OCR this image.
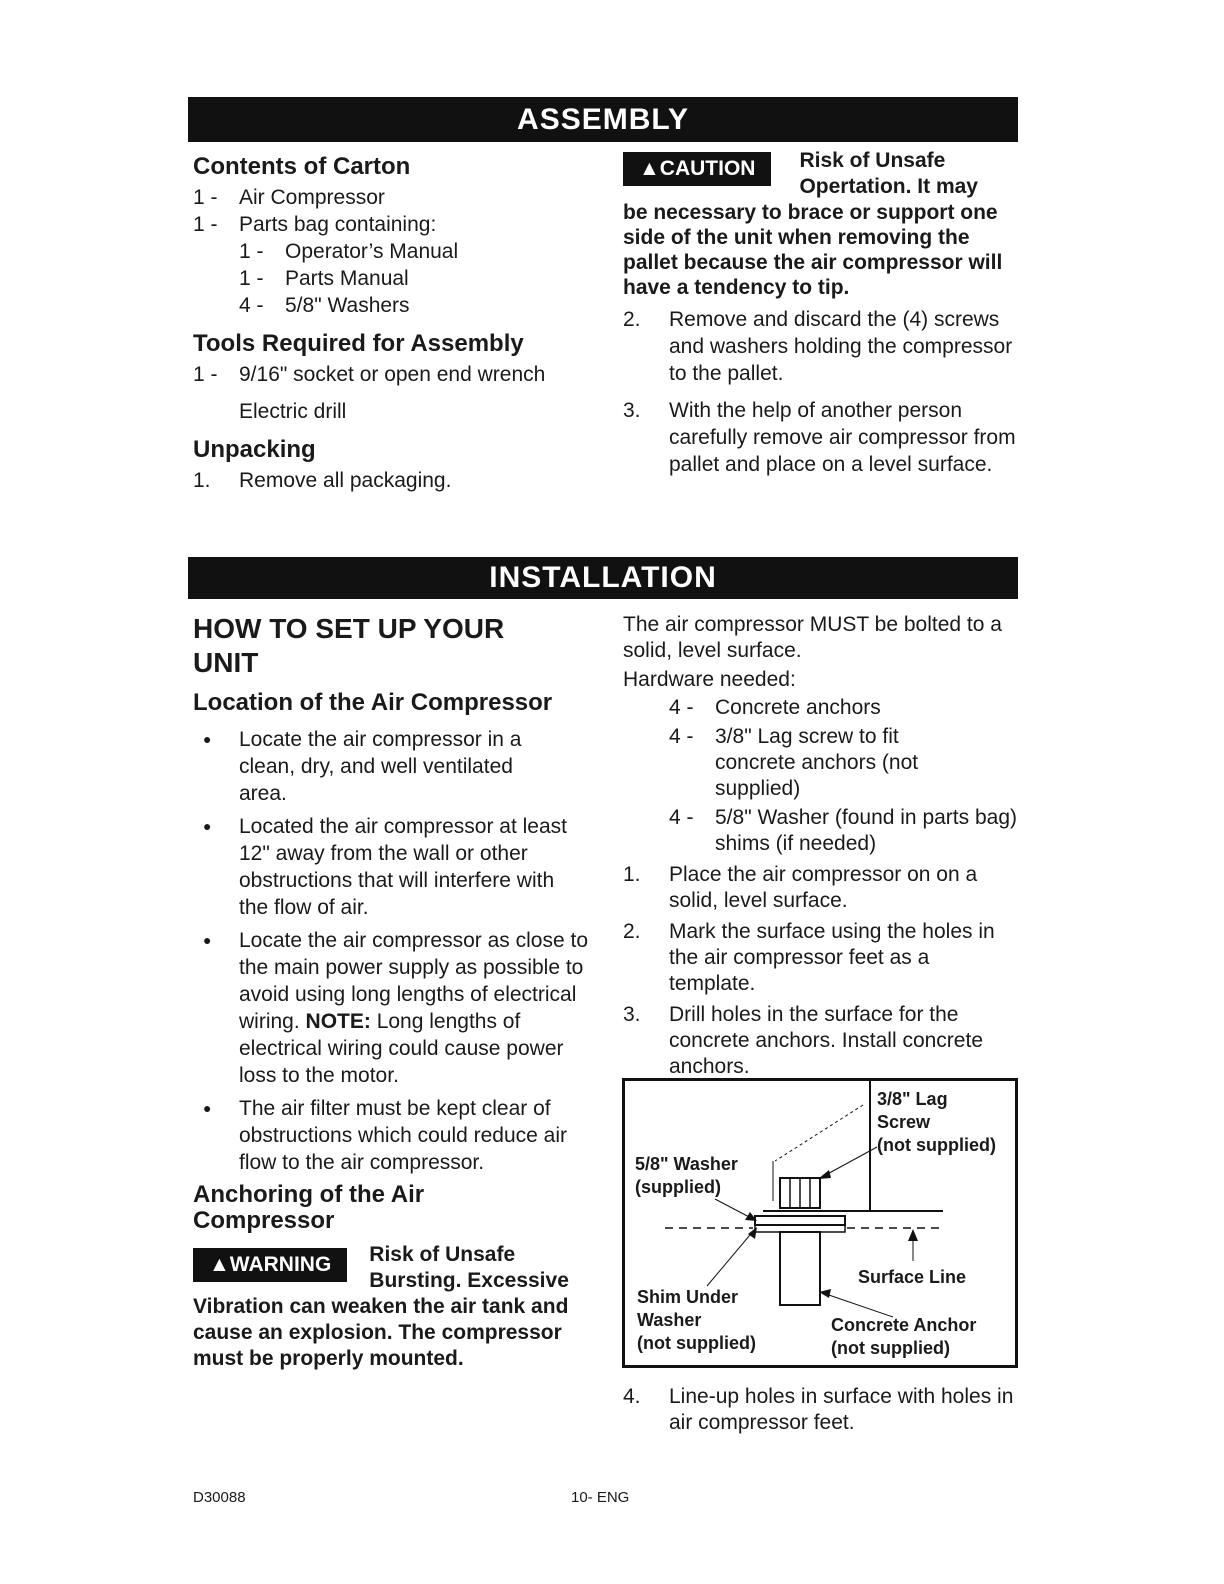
ASSEMBLY
Contents of Carton
1 -	Air Compressor
1 -	Parts bag containing:
1 -	Operator’s Manual
1 -	Parts Manual
4 -	5/8" Washers
Tools Required for Assembly
1 -	9/16" socket or open end wrench
Electric drill
Unpacking
1.	Remove all packaging.
▲CAUTION	Risk of Unsafe Opertation. It may
be necessary to brace or support one side of the unit when removing the pallet because the air compressor will have a tendency to tip.
2.	Remove and discard the (4) screws and washers holding the compressor to the pallet.
3.	With the help of another person carefully remove air compressor from pallet and place on a level surface.
INSTALLATION
HOW TO SET UP YOUR UNIT
Location of the Air Compressor
●	Locate the air compressor in a clean, dry, and well ventilated area.
●	Located the air compressor at least 12" away from the wall or other obstructions that will interfere with the flow of air.
●	Locate the air compressor as close to the main power supply as possible to avoid using long lengths of electrical wiring. NOTE: Long lengths of electrical wiring could cause power loss to the motor.
●	The air filter must be kept clear of obstructions which could reduce air flow to the air compressor.
Anchoring of the Air Compressor
▲WARNING	Risk of Unsafe Bursting. Excessive
Vibration can weaken the air tank and cause an explosion. The compressor must be properly mounted.
The air compressor MUST be bolted to a solid, level surface.
Hardware needed:
4 -	Concrete anchors
4 -	3/8" Lag screw to fit concrete anchors (not supplied)
4 -	5/8" Washer (found in parts bag) shims (if needed)
1.	Place the air compressor on on a solid, level surface.
2.	Mark the surface using the holes in the air compressor feet as a template.
3.	Drill holes in the surface for the concrete anchors. Install concrete anchors.
3/8" Lag
Screw
(not supplied)
5/8" Washer
(supplied)
Surface Line
Shim Under
Washer
(not supplied)
Concrete Anchor
(not supplied)
4.	Line-up holes in surface with holes in air compressor feet.
D30088	10- ENG
